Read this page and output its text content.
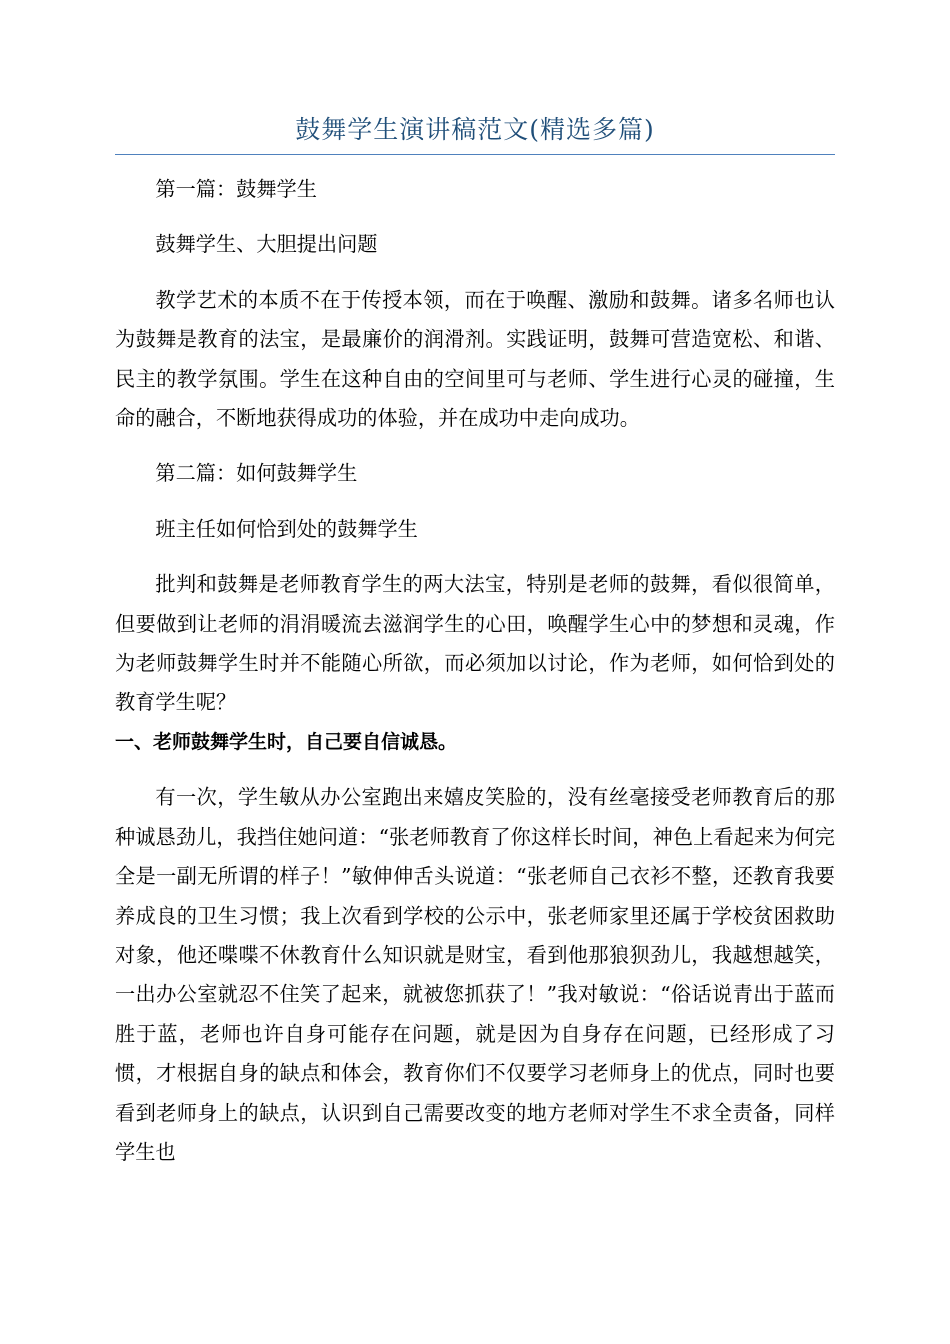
鼓舞学生演讲稿范文(精选多篇)

第一篇：鼓舞学生

鼓舞学生、大胆提出问题

教学艺术的本质不在于传授本领，而在于唤醒、激励和鼓舞。诸多名师也认为鼓舞是教育的法宝，是最廉价的润滑剂。实践证明，鼓舞可营造宽松、和谐、民主的教学氛围。学生在这种自由的空间里可与老师、学生进行心灵的碰撞，生命的融合，不断地获得成功的体验，并在成功中走向成功。

第二篇：如何鼓舞学生

班主任如何恰到处的鼓舞学生

批判和鼓舞是老师教育学生的两大法宝，特别是老师的鼓舞，看似很简单，但要做到让老师的涓涓暖流去滋润学生的心田，唤醒学生心中的梦想和灵魂，作为老师鼓舞学生时并不能随心所欲，而必须加以讨论，作为老师，如何恰到处的教育学生呢？

一、老师鼓舞学生时，自己要自信诚恳。

有一次，学生敏从办公室跑出来嬉皮笑脸的，没有丝毫接受老师教育后的那种诚恳劲儿，我挡住她问道：“张老师教育了你这样长时间，神色上看起来为何完全是一副无所谓的样子！”敏伸伸舌头说道：“张老师自己衣衫不整，还教育我要养成良的卫生习惯；我上次看到学校的公示中，张老师家里还属于学校贫困救助对象，他还喋喋不休教育什么知识就是财宝，看到他那狼狈劲儿，我越想越笑，一出办公室就忍不住笑了起来，就被您抓获了！”我对敏说：“俗话说青出于蓝而胜于蓝，老师也许自身可能存在问题，就是因为自身存在问题，已经形成了习惯，才根据自身的缺点和体会，教育你们不仅要学习老师身上的优点，同时也要看到老师身上的缺点，认识到自己需要改变的地方老师对学生不求全责备，同样学生也
